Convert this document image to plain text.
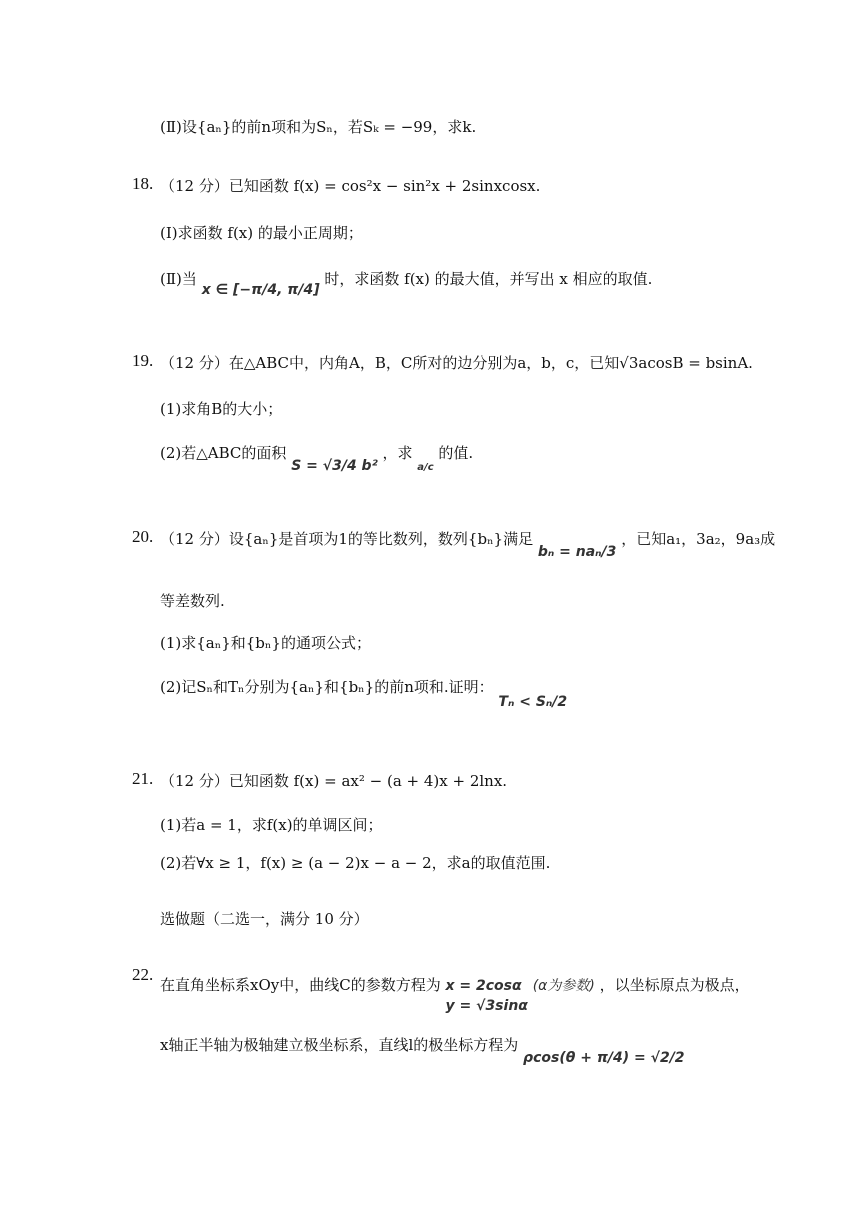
(Ⅱ)设{aₙ}的前n项和为Sₙ，若Sₖ = −99，求k.
18. （12 分）已知函数 f(x) = cos²x − sin²x + 2sinxcosx.
(Ⅰ)求函数 f(x) 的最小正周期；
(Ⅱ)当 x ∈ [−π/4, π/4] 时，求函数 f(x) 的最大值，并写出 x 相应的取值.
19. （12 分）在△ABC中，内角A，B，C所对的边分别为a，b，c，已知√3acosB = bsinA.
(1)求角B的大小；
(2)若△ABC的面积 S = √3/4 b² ，求 $_{a/c}$ 的值.
20. （12 分）设{aₙ}是首项为1的等比数列，数列{bₙ}满足 bₙ = naₙ/3 ，已知a₁，3a₂，9a₃成
等差数列.
(1)求{aₙ}和{bₙ}的通项公式；
(2)记Sₙ和Tₙ分别为{aₙ}和{bₙ}的前n项和.证明： Tₙ < Sₙ/2
21. （12 分）已知函数 f(x) = ax² − (a + 4)x + 2lnx.
(1)若a = 1，求f(x)的单调区间；
(2)若∀x ≥ 1，f(x) ≥ (a − 2)x − a − 2，求a的取值范围.
选做题（二选一，满分 10 分）
22.
在直角坐标系xOy中，曲线C的参数方程为 x = 2cosα
y = √3sinα
(α为参数) ，以坐标原点为极点，
x轴正半轴为极轴建立极坐标系，直线l的极坐标方程为 ρcos(θ + π/4) = √2/2
